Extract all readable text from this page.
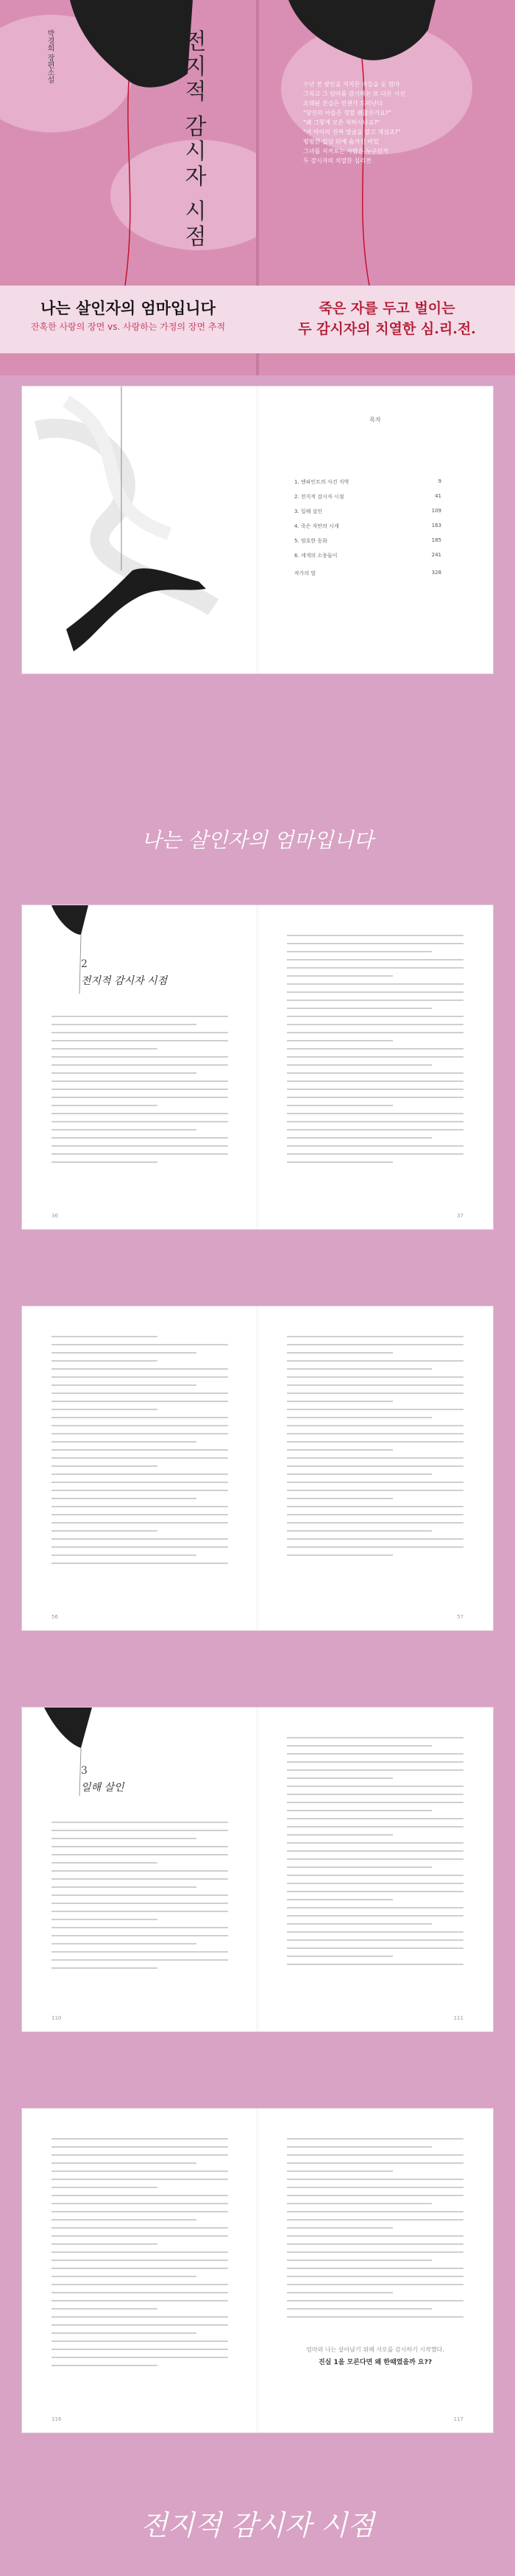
전지적 감시자 시점
박경희 장편소설

수년 전 살인을 저지른 아들을 둔 엄마

그리고 그 엄마를 감시하는 또 다른 시선

오래된 진실은 언젠가 드러난다

"당신의 아들은 정말 괜찮은가요?"

"왜 그렇게 모른 척하시나요?"

"저 아이의 진짜 얼굴을 알고 계셨죠?"

평범한 일상 뒤에 숨겨진 비밀

그녀를 지켜보는 사람은 누구인가

두 감시자의 치열한 심리전

나는 살인자의 엄마입니다
잔혹한 사랑의 장면 vs. 사랑하는 가정의 장면 추적
죽은 자를 두고 벌이는
두 감시자의 치열한 심.리.전.
목차
1. 엔파인트의 사건 지역	9
2. 전지적 감시자 시점	41
3. 일해 살인	109
4. 죽은 자만의 시계	163
5. 엄호한 동화	185
6. 세개의 소풍들이	241
작가의 말	328
나는 살인자의 엄마입니다
2
전지적 감시자 시점
36	37
56	57
3
일해 살인
110	111
116
엄마와 나는 살아남기 위해 서로를 감시하기 시작했다.
진실 1을 모른다면 왜 한때였을까 요??
117
전지적 감시자 시점
